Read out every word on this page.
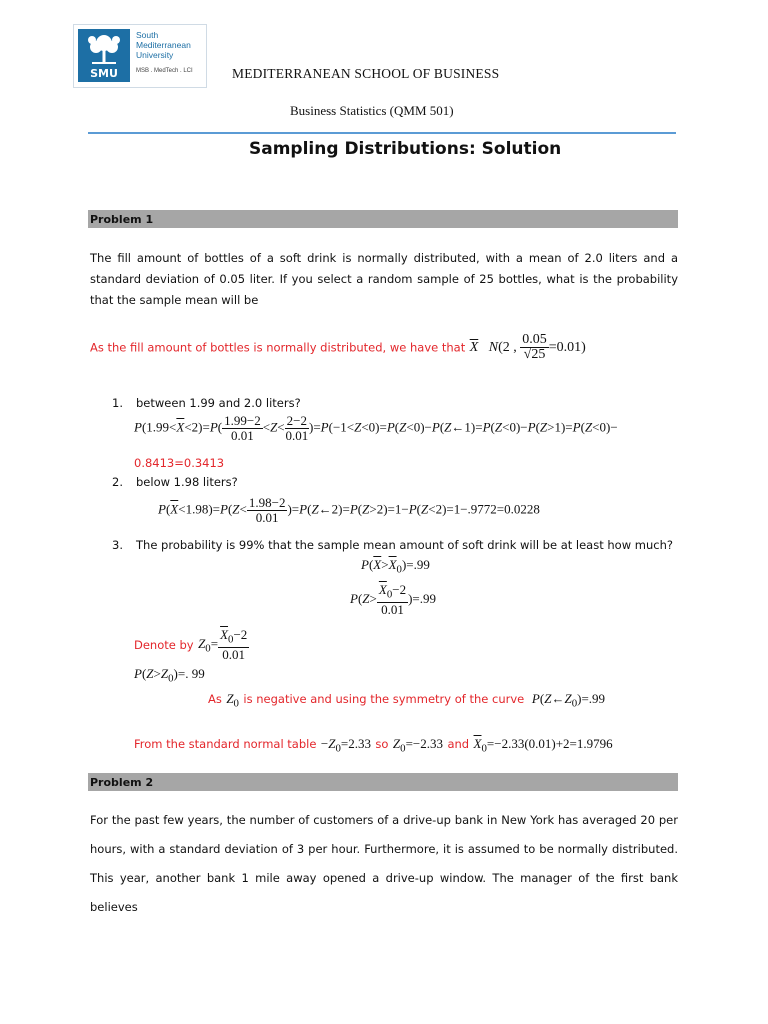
SMU
South
Mediterranean
University
MSB . MedTech . LCI	MEDITERRANEAN SCHOOL OF BUSINESS
Business Statistics (QMM 501)
Sampling Distributions: Solution
Problem 1
The fill amount of bottles of a soft drink is normally distributed, with a mean of 2.0 liters and a standard deviation of 0.05 liter. If you select a random sample of 25 bottles, what is the probability that the sample mean will be
As the fill amount of bottles is normally distributed, we have that $\overline{X}$ N(2 , $\frac{0.05}{√25} =0.01$)
1. between 1.99 and 2.0 liters?
$P(1.99<\overline{X}<2)=P( \frac{1.99-2}{0.01} <Z< \frac{2-2}{0.01}$ )=P(−1<Z<0)=P(Z<0)−P(Z←1)=P(Z<0)−P(Z>1)=P(Z<0)−
0.8413=0.3413
2. below 1.98 liters?
$P(\overline{X}<1.98)=P(Z< \frac{1.98-2}{0.01}$ )=P(Z←2)=P(Z>2)=1−P(Z<2)=1−.9772=0.0228
3. The probability is 99% that the sample mean amount of soft drink will be at least how much?
$P(\overline{X}>\overline{X}_0)=.99$
$P(Z> \frac{\overline{X}_0-2}{0.01} )=.99$
Denote by $Z_0= \frac{\overline{X}_0-2}{0.01}$
$P(Z>Z_0)=$. 99
As $Z_0$ is negative and using the symmetry of the curve $P(Z\leftarrow Z_0)=.99$
From the standard normal table $-Z_0=2.33$ so $Z_0=-2.33$ and $\overline{X}_0=-2.33(0.01)+2=1.9796$
Problem 2
For the past few years, the number of customers of a drive-up bank in New York has averaged 20 per hours, with a standard deviation of 3 per hour. Furthermore, it is assumed to be normally distributed. This year, another bank 1 mile away opened a drive-up window. The manager of the first bank believes
